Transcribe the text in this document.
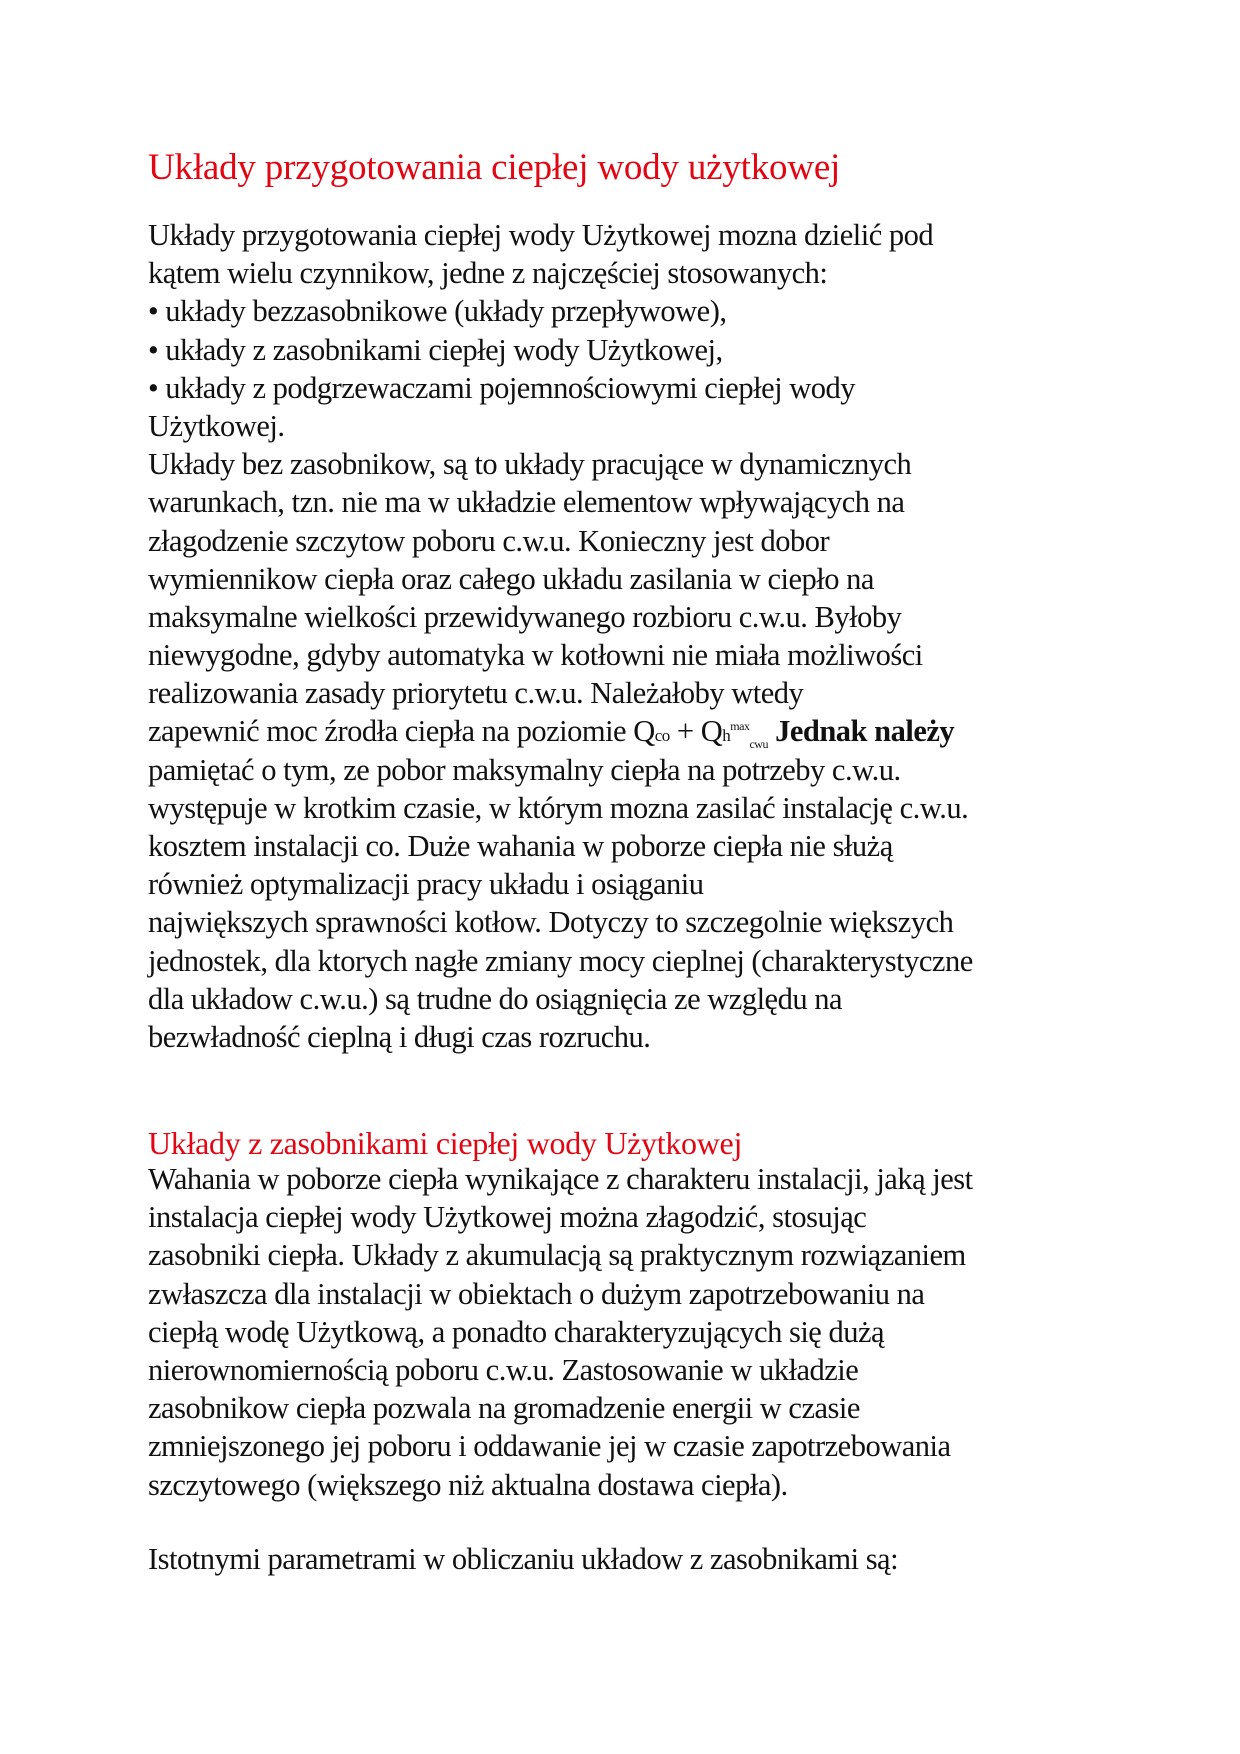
Układy przygotowania ciepłej wody użytkowej
Układy przygotowania ciepłej wody Użytkowej mozna dzielić pod
kątem wielu czynnikow, jedne z najczęściej stosowanych:
• układy bezzasobnikowe (układy przepływowe),
• układy z zasobnikami ciepłej wody Użytkowej,
• układy z podgrzewaczami pojemnościowymi ciepłej wody
Użytkowej.
Układy bez zasobnikow, są to układy pracujące w dynamicznych
warunkach, tzn. nie ma w układzie elementow wpływających na
złagodzenie szczytow poboru c.w.u. Konieczny jest dobor
wymiennikow ciepła oraz całego układu zasilania w ciepło na
maksymalne wielkości przewidywanego rozbioru c.w.u. Byłoby
niewygodne, gdyby automatyka w kotłowni nie miała możliwości
realizowania zasady priorytetu c.w.u. Należałoby wtedy
zapewnić moc źrodła ciepła na poziomie Qco + $Qh^{max}_{cwu}$ Jednak należy
pamiętać o tym, ze pobor maksymalny ciepła na potrzeby c.w.u.
występuje w krotkim czasie, w którym mozna zasilać instalację c.w.u.
kosztem instalacji co. Duże wahania w poborze ciepła nie służą
również optymalizacji pracy układu i osiąganiu
największych sprawności kotłow. Dotyczy to szczegolnie większych
jednostek, dla ktorych nagłe zmiany mocy cieplnej (charakterystyczne
dla układow c.w.u.) są trudne do osiągnięcia ze względu na
bezwładność cieplną i długi czas rozruchu.
Układy z zasobnikami ciepłej wody Użytkowej
Wahania w poborze ciepła wynikające z charakteru instalacji, jaką jest
instalacja ciepłej wody Użytkowej można złagodzić, stosując
zasobniki ciepła. Układy z akumulacją są praktycznym rozwiązaniem
zwłaszcza dla instalacji w obiektach o dużym zapotrzebowaniu na
ciepłą wodę Użytkową, a ponadto charakteryzujących się dużą
nierownomiernością poboru c.w.u. Zastosowanie w układzie
zasobnikow ciepła pozwala na gromadzenie energii w czasie
zmniejszonego jej poboru i oddawanie jej w czasie zapotrzebowania
szczytowego (większego niż aktualna dostawa ciepła).
Istotnymi parametrami w obliczaniu układow z zasobnikami są:
